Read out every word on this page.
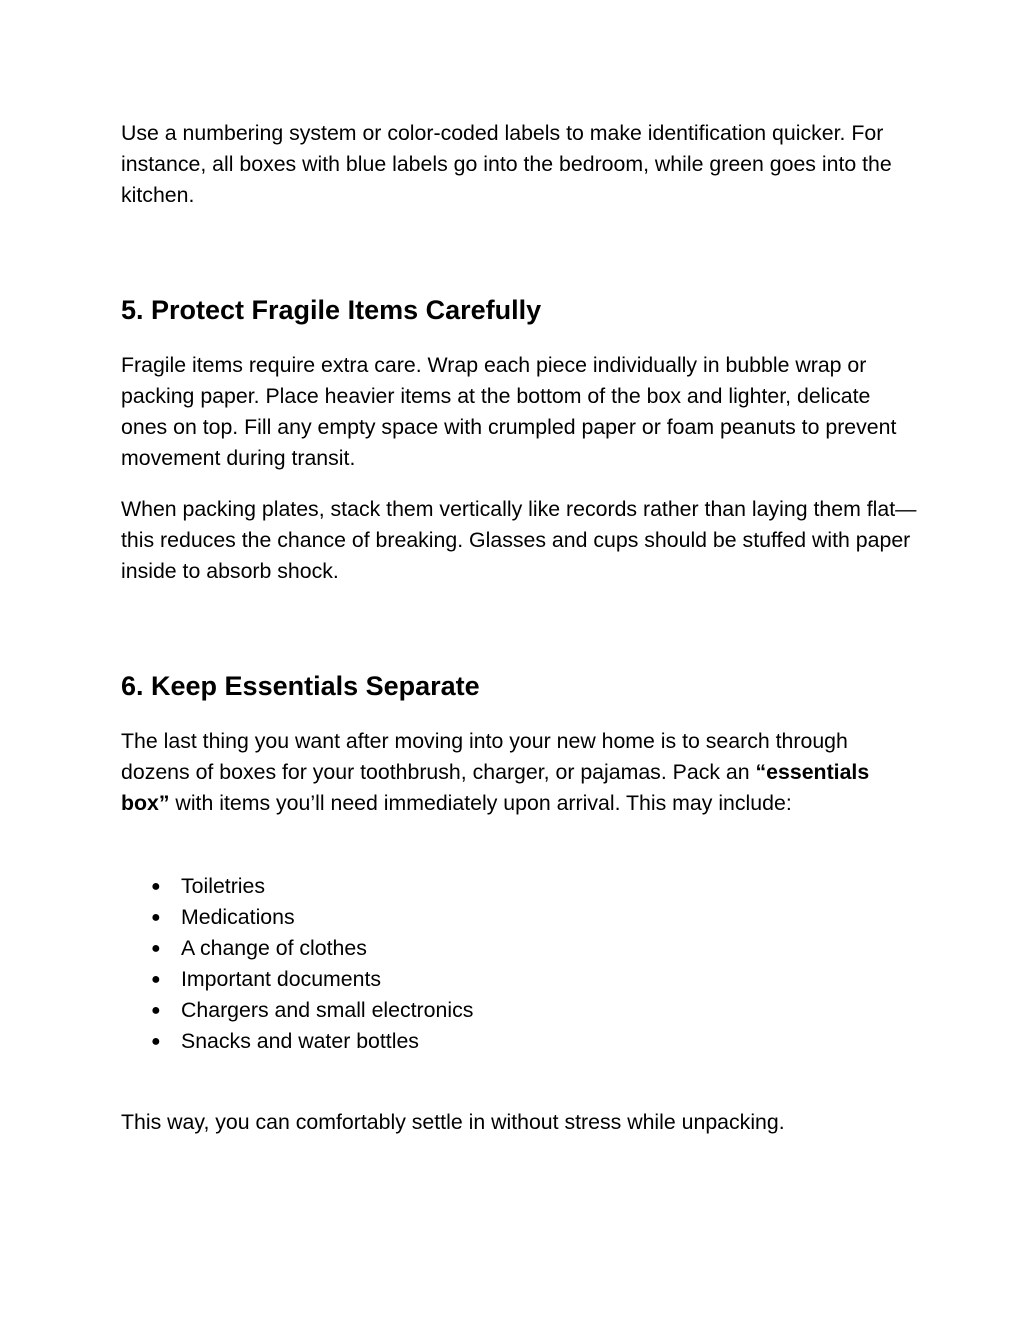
Use a numbering system or color-coded labels to make identification quicker. For instance, all boxes with blue labels go into the bedroom, while green goes into the kitchen.

5. Protect Fragile Items Carefully

Fragile items require extra care. Wrap each piece individually in bubble wrap or packing paper. Place heavier items at the bottom of the box and lighter, delicate ones on top. Fill any empty space with crumpled paper or foam peanuts to prevent movement during transit.

When packing plates, stack them vertically like records rather than laying them flat—this reduces the chance of breaking. Glasses and cups should be stuffed with paper inside to absorb shock.

6. Keep Essentials Separate

The last thing you want after moving into your new home is to search through dozens of boxes for your toothbrush, charger, or pajamas. Pack an “essentials box” with items you’ll need immediately upon arrival. This may include:

● Toiletries
● Medications
● A change of clothes
● Important documents
● Chargers and small electronics
● Snacks and water bottles

This way, you can comfortably settle in without stress while unpacking.
